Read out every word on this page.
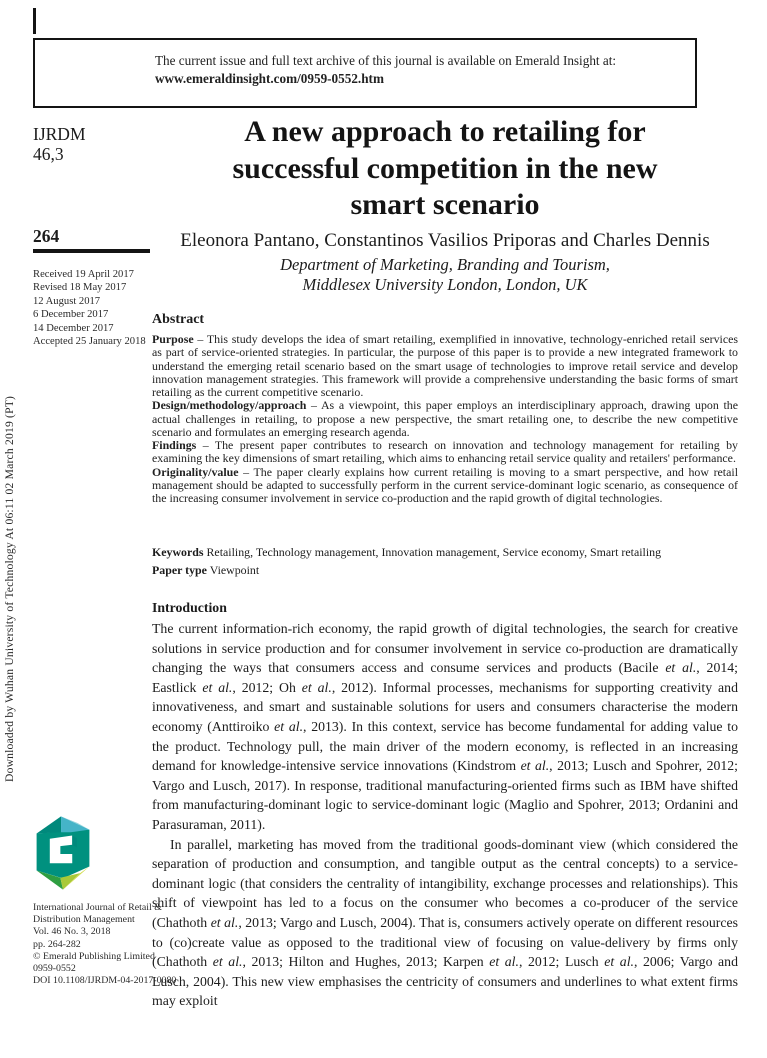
The current issue and full text archive of this journal is available on Emerald Insight at:
www.emeraldinsight.com/0959-0552.htm
Downloaded by Wuhan University of Technology At 06:11 02 March 2019 (PT)
IJRDM
46,3
264
Received 19 April 2017
Revised 18 May 2017
12 August 2017
6 December 2017
14 December 2017
Accepted 25 January 2018
International Journal of Retail &
Distribution Management
Vol. 46 No. 3, 2018
pp. 264-282
© Emerald Publishing Limited
0959-0552
DOI 10.1108/IJRDM-04-2017-0080
A new approach to retailing for
successful competition in the new
smart scenario
Eleonora Pantano, Constantinos Vasilios Priporas and Charles Dennis
Department of Marketing, Branding and Tourism,
Middlesex University London, London, UK
Abstract

Purpose – This study develops the idea of smart retailing, exemplified in innovative, technology-enriched retail services as part of service-oriented strategies. In particular, the purpose of this paper is to provide a new integrated framework to understand the emerging retail scenario based on the smart usage of technologies to improve retail service and develop innovation management strategies. This framework will provide a comprehensive understanding the basic forms of smart retailing as the current competitive scenario.

Design/methodology/approach – As a viewpoint, this paper employs an interdisciplinary approach, drawing upon the actual challenges in retailing, to propose a new perspective, the smart retailing one, to describe the new competitive scenario and formulates an emerging research agenda.

Findings – The present paper contributes to research on innovation and technology management for retailing by examining the key dimensions of smart retailing, which aims to enhancing retail service quality and retailers' performance.

Originality/value – The paper clearly explains how current retailing is moving to a smart perspective, and how retail management should be adapted to successfully perform in the current service-dominant logic scenario, as consequence of the increasing consumer involvement in service co-production and the rapid growth of digital technologies.

Keywords Retailing, Technology management, Innovation management, Service economy, Smart retailing
Paper type Viewpoint
Introduction

The current information-rich economy, the rapid growth of digital technologies, the search for creative solutions in service production and for consumer involvement in service co-production are dramatically changing the ways that consumers access and consume services and products (Bacile et al., 2014; Eastlick et al., 2012; Oh et al., 2012). Informal processes, mechanisms for supporting creativity and innovativeness, and smart and sustainable solutions for users and consumers characterise the modern economy (Anttiroiko et al., 2013). In this context, service has become fundamental for adding value to the product. Technology pull, the main driver of the modern economy, is reflected in an increasing demand for knowledge-intensive service innovations (Kindstrom et al., 2013; Lusch and Spohrer, 2012; Vargo and Lusch, 2017). In response, traditional manufacturing-oriented firms such as IBM have shifted from manufacturing-dominant logic to service-dominant logic (Maglio and Spohrer, 2013; Ordanini and Parasuraman, 2011).

In parallel, marketing has moved from the traditional goods-dominant view (which considered the separation of production and consumption, and tangible output as the central concepts) to a service-dominant logic (that considers the centrality of intangibility, exchange processes and relationships). This shift of viewpoint has led to a focus on the consumer who becomes a co-producer of the service (Chathoth et al., 2013; Vargo and Lusch, 2004). That is, consumers actively operate on different resources to (co)create value as opposed to the traditional view of focusing on value-delivery by firms only (Chathoth et al., 2013; Hilton and Hughes, 2013; Karpen et al., 2012; Lusch et al., 2006; Vargo and Lusch, 2004). This new view emphasises the centricity of consumers and underlines to what extent firms may exploit
